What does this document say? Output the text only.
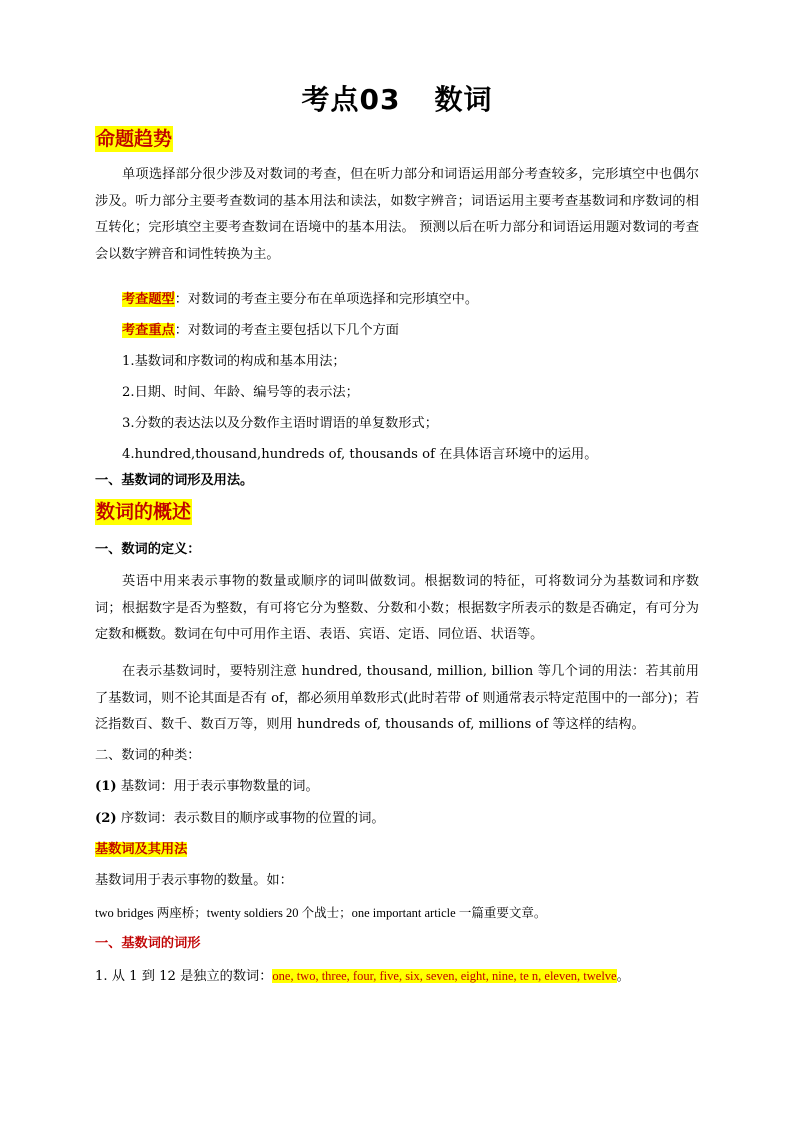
考点03 数词
命题趋势
单项选择部分很少涉及对数词的考查，但在听力部分和词语运用部分考查较多，完形填空中也偶尔涉及。听力部分主要考查数词的基本用法和读法，如数字辨音；词语运用主要考查基数词和序数词的相互转化；完形填空主要考查数词在语境中的基本用法。 预测以后在听力部分和词语运用题对数词的考查会以数字辨音和词性转换为主。
考查题型：对数词的考查主要分布在单项选择和完形填空中。
考查重点：对数词的考查主要包括以下几个方面
1.基数词和序数词的构成和基本用法；
2.日期、时间、年龄、编号等的表示法；
3.分数的表达法以及分数作主语时谓语的单复数形式；
4.hundred,thousand,hundreds of, thousands of 在具体语言环境中的运用。
一、基数词的词形及用法。
数词的概述
一、数词的定义：
英语中用来表示事物的数量或顺序的词叫做数词。根据数词的特征，可将数词分为基数词和序数词；根据数字是否为整数，有可将它分为整数、分数和小数；根据数字所表示的数是否确定，有可分为定数和概数。数词在句中可用作主语、表语、宾语、定语、同位语、状语等。
在表示基数词时，要特别注意 hundred, thousand, million, billion 等几个词的用法：若其前用了基数词，则不论其面是否有 of，都必须用单数形式(此时若带 of 则通常表示特定范围中的一部分)；若泛指数百、数千、数百万等，则用 hundreds of, thousands of, millions of 等这样的结构。
二、数词的种类：
(1) 基数词：用于表示事物数量的词。
(2) 序数词：表示数目的顺序或事物的位置的词。
基数词及其用法
基数词用于表示事物的数量。如：
two bridges 两座桥；twenty soldiers 20 个战士；one important article 一篇重要文章。
一、基数词的词形
1. 从 1 到 12 是独立的数词：one, two, three, four, five, six, seven, eight, nine, te n, eleven, twelve。
